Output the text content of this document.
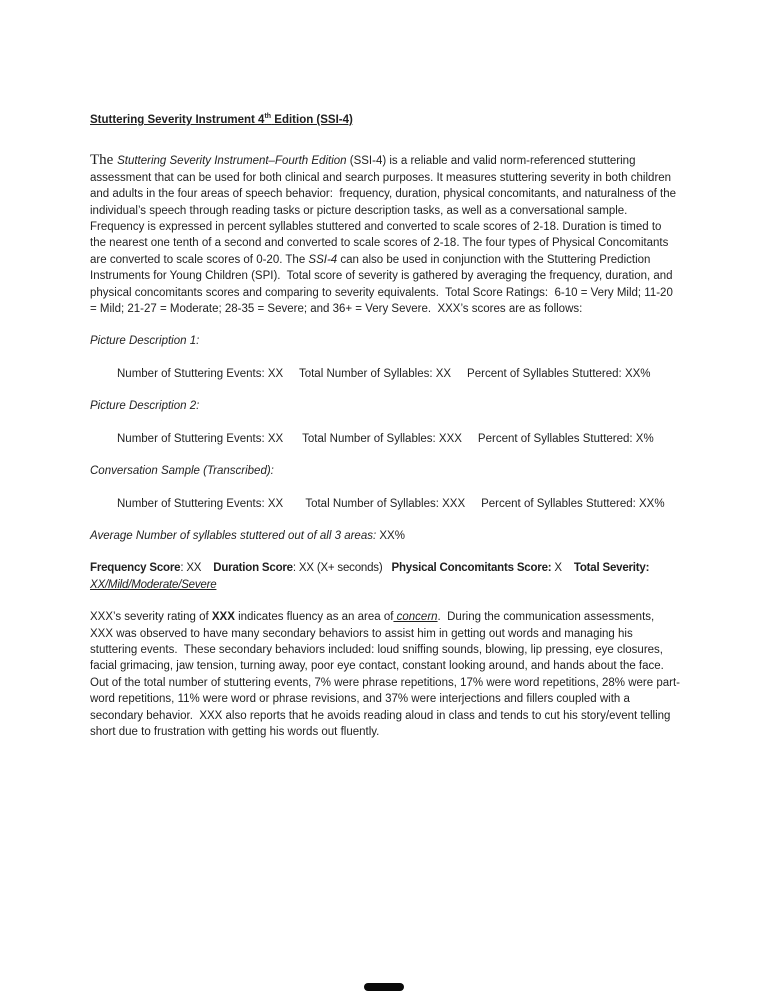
Stuttering Severity Instrument 4th Edition (SSI-4)

The Stuttering Severity Instrument–Fourth Edition (SSI-4) is a reliable and valid norm-referenced stuttering assessment that can be used for both clinical and search purposes. It measures stuttering severity in both children and adults in the four areas of speech behavior:  frequency, duration, physical concomitants, and naturalness of the individual’s speech through reading tasks or picture description tasks, as well as a conversational sample.  Frequency is expressed in percent syllables stuttered and converted to scale scores of 2-18. Duration is timed to the nearest one tenth of a second and converted to scale scores of 2-18. The four types of Physical Concomitants are converted to scale scores of 0-20. The SSI-4 can also be used in conjunction with the Stuttering Prediction Instruments for Young Children (SPI).  Total score of severity is gathered by averaging the frequency, duration, and physical concomitants scores and comparing to severity equivalents.  Total Score Ratings:  6-10 = Very Mild; 11-20 = Mild; 21-27 = Moderate; 28-35 = Severe; and 36+ = Very Severe.  XXX’s scores are as follows:

Picture Description 1:

Number of Stuttering Events: XX     Total Number of Syllables: XX     Percent of Syllables Stuttered: XX%

Picture Description 2:

Number of Stuttering Events: XX      Total Number of Syllables: XXX     Percent of Syllables Stuttered: X%

Conversation Sample (Transcribed):

Number of Stuttering Events: XX       Total Number of Syllables: XXX     Percent of Syllables Stuttered: XX%

Average Number of syllables stuttered out of all 3 areas: XX%

Frequency Score: XX    Duration Score: XX (X+ seconds)   Physical Concomitants Score: X    Total Severity:
XX/Mild/Moderate/Severe

XXX’s severity rating of XXX indicates fluency as an area of concern.  During the communication assessments, XXX was observed to have many secondary behaviors to assist him in getting out words and managing his stuttering events.  These secondary behaviors included: loud sniffing sounds, blowing, lip pressing, eye closures, facial grimacing, jaw tension, turning away, poor eye contact, constant looking around, and hands about the face.  Out of the total number of stuttering events, 7% were phrase repetitions, 17% were word repetitions, 28% were part-word repetitions, 11% were word or phrase revisions, and 37% were interjections and fillers coupled with a secondary behavior.  XXX also reports that he avoids reading aloud in class and tends to cut his story/event telling short due to frustration with getting his words out fluently.
